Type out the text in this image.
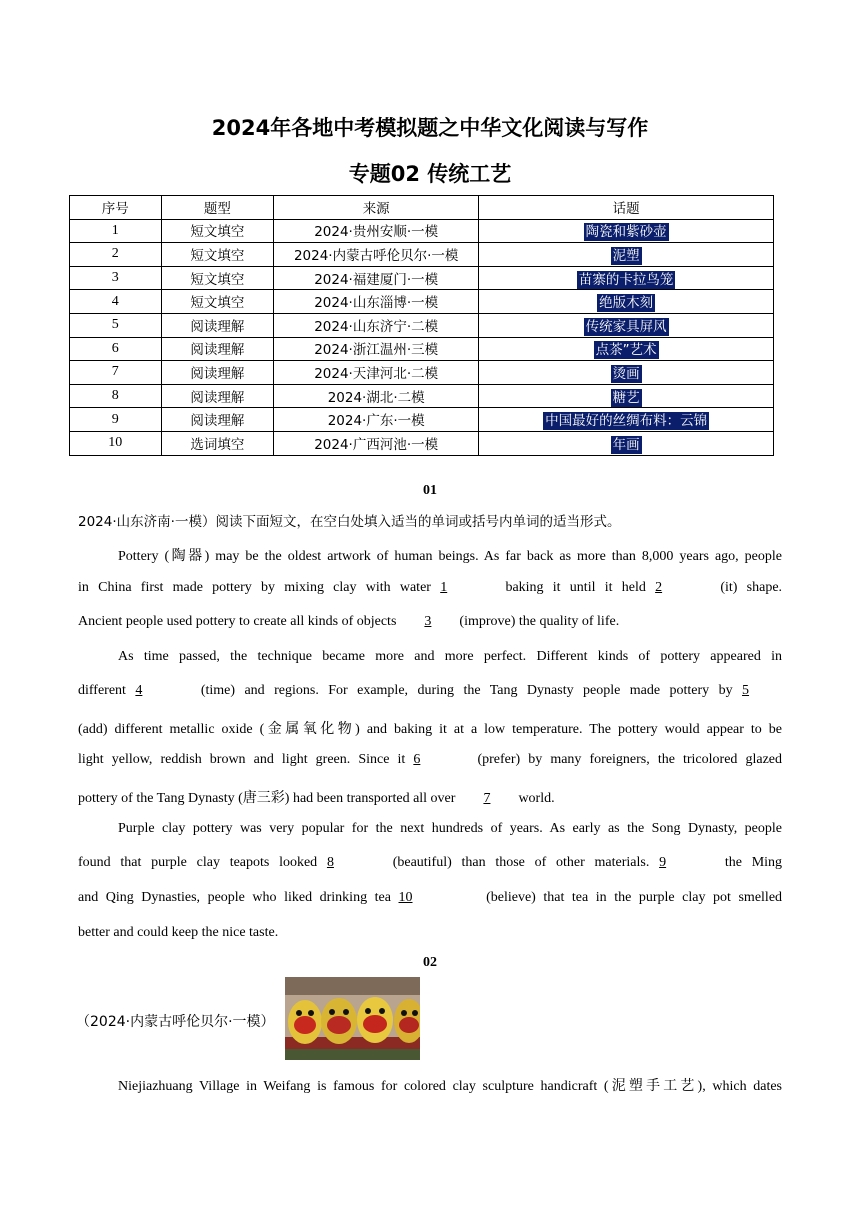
2024年各地中考模拟题之中华文化阅读与写作
专题02 传统工艺
序号	题型	来源	话题
1	短文填空	2024·贵州安顺·一模	陶瓷和紫砂壶
2	短文填空	2024·内蒙古呼伦贝尔·一模	泥塑
3	短文填空	2024·福建厦门·一模	苗寨的卡拉鸟笼
4	短文填空	2024·山东淄博·一模	绝版木刻
5	阅读理解	2024·山东济宁·二模	传统家具屏风
6	阅读理解	2024·浙江温州·三模	点茶”艺术
7	阅读理解	2024·天津河北·二模	烫画
8	阅读理解	2024·湖北·二模	糖艺
9	阅读理解	2024·广东·一模	中国最好的丝绸布料：云锦
10	选词填空	2024·广西河池·一模	年画
01
2024·山东济南·一模）阅读下面短文，在空白处填入适当的单词或括号内单词的适当形式。
Pottery (陶器) may be the oldest artwork of human beings. As far back as more than 8,000 years ago, people
in China first made pottery by mixing clay with water 1	baking it until it held 2	(it) shape.
Ancient people used pottery to create all kinds of objects 3 (improve) the quality of life.
As time passed, the technique became more and more perfect. Different kinds of pottery appeared in
different 4	(time) and regions. For example, during the Tang Dynasty people made pottery by 5
(add) different metallic oxide (金属氧化物) and baking it at a low temperature. The pottery would appear to be
light yellow, reddish brown and light green. Since it 6	(prefer) by many foreigners, the tricolored glazed
pottery of the Tang Dynasty (唐三彩) had been transported all over 7 world.
Purple clay pottery was very popular for the next hundreds of years. As early as the Song Dynasty, people
found that purple clay teapots looked 8	(beautiful) than those of other materials. 9	the Ming
and Qing Dynasties, people who liked drinking tea 10	(believe) that tea in the purple clay pot smelled
better and could keep the nice taste.
02
（2024·内蒙古呼伦贝尔·一模）
Niejiazhuang Village in Weifang is famous for colored clay sculpture handicraft (泥塑手工艺), which dates
